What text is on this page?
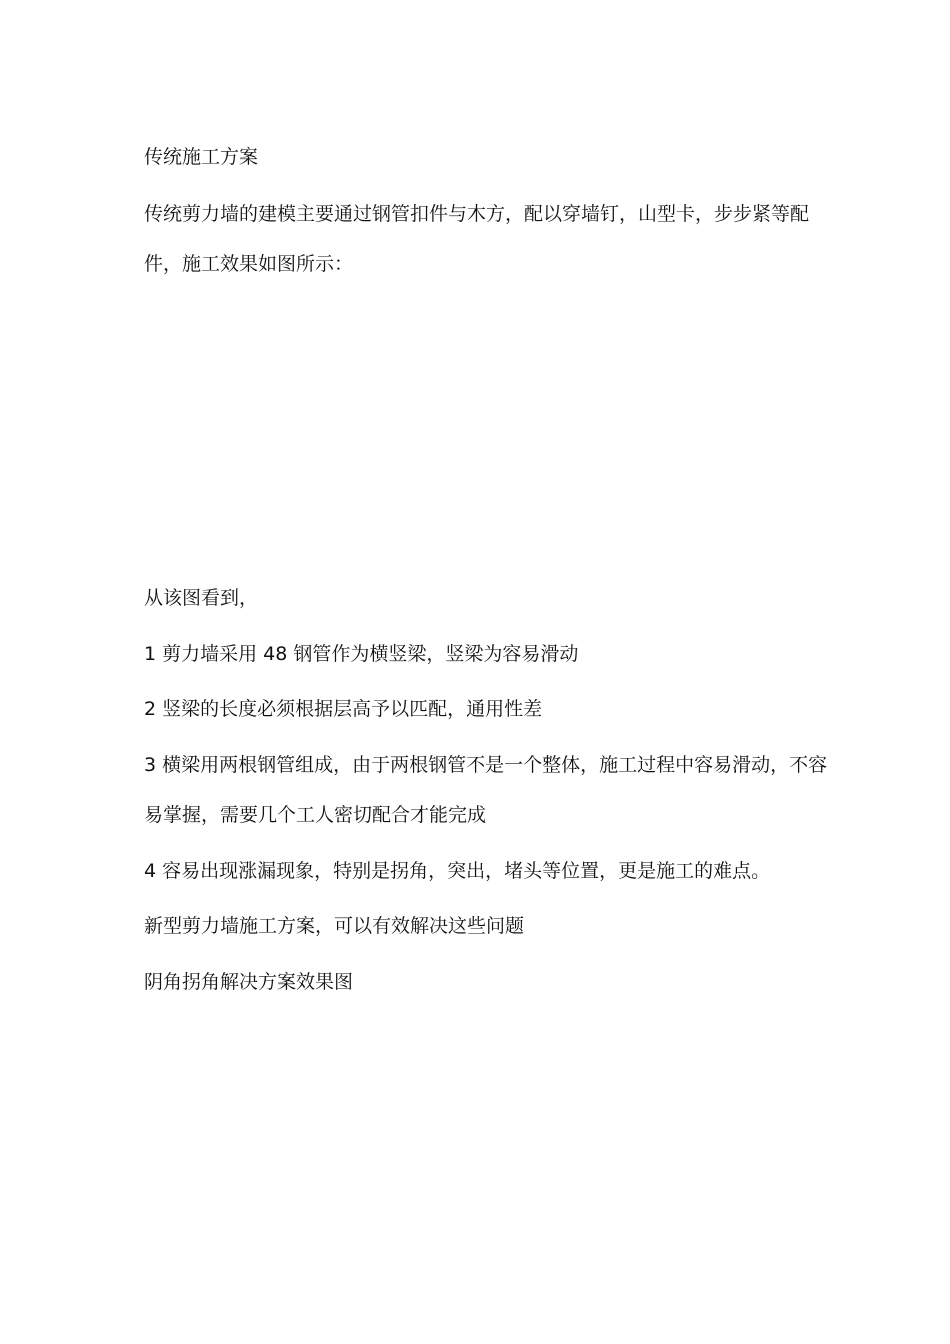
传统施工方案

传统剪力墙的建模主要通过钢管扣件与木方，配以穿墙钉，山型卡，步步紧等配

件，施工效果如图所示：

从该图看到，

1 剪力墙采用 48 钢管作为横竖梁，竖梁为容易滑动

2 竖梁的长度必须根据层高予以匹配，通用性差

3 横梁用两根钢管组成，由于两根钢管不是一个整体，施工过程中容易滑动，不容

易掌握，需要几个工人密切配合才能完成

4 容易出现涨漏现象，特别是拐角，突出，堵头等位置，更是施工的难点。

新型剪力墙施工方案，可以有效解决这些问题

阴角拐角解决方案效果图
